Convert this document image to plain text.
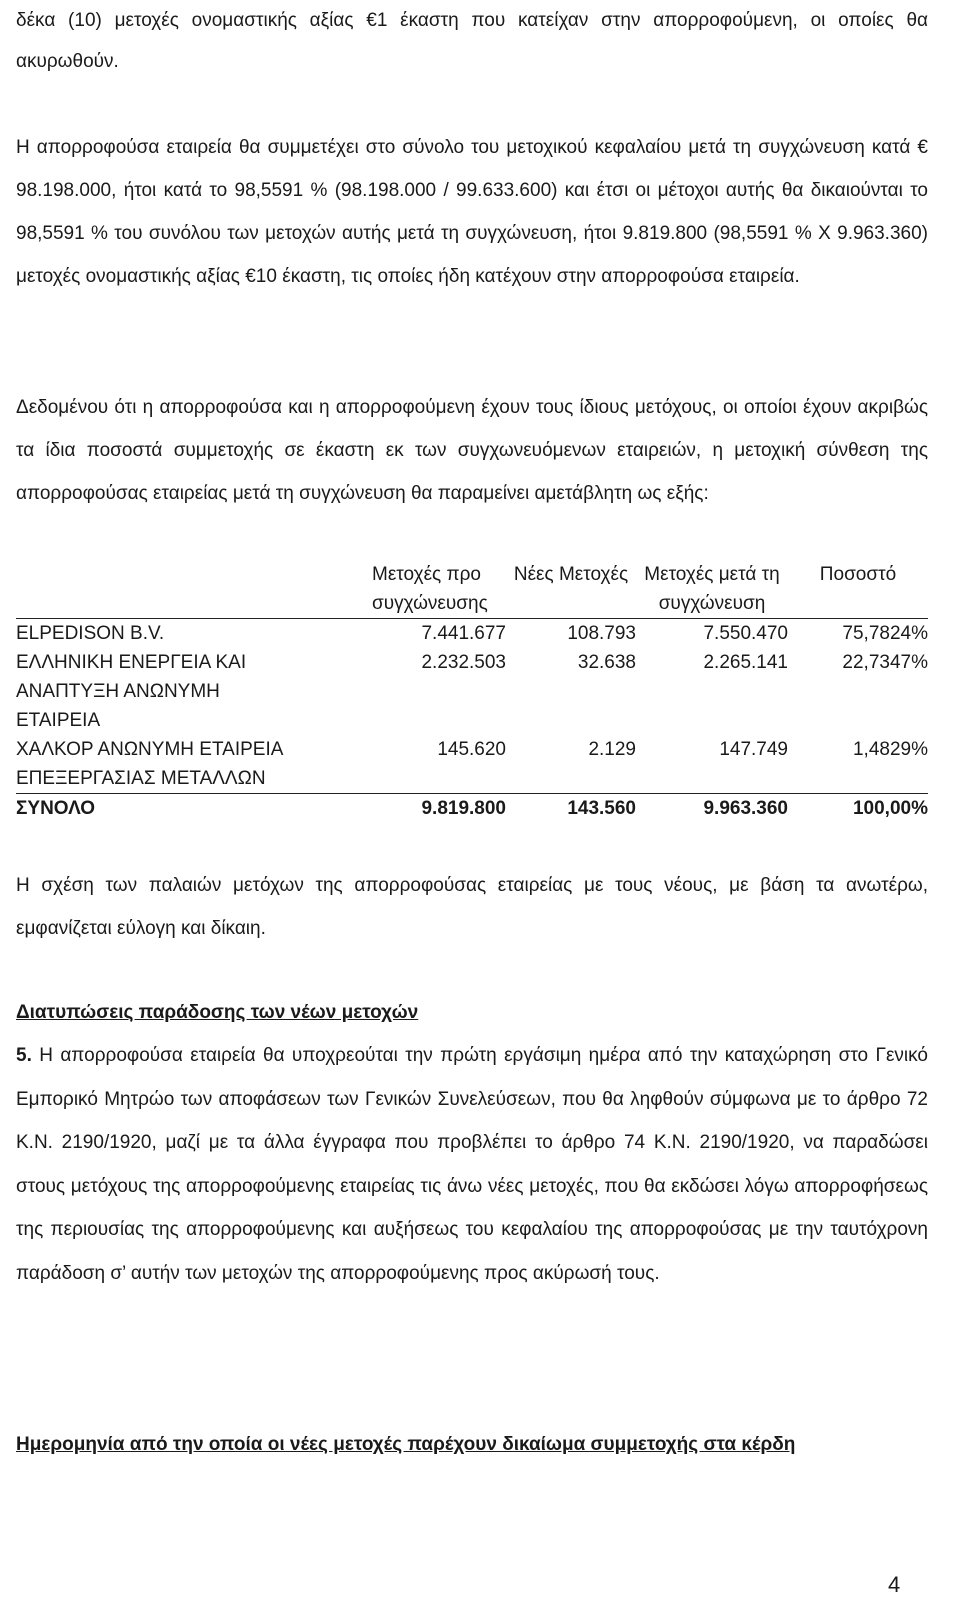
δέκα (10) μετοχές ονομαστικής αξίας €1 έκαστη που κατείχαν στην απορροφούμενη, οι οποίες θα ακυρωθούν.

Η απορροφούσα εταιρεία θα συμμετέχει στο σύνολο του μετοχικού κεφαλαίου μετά τη συγχώνευση κατά € 98.198.000, ήτοι κατά το 98,5591 % (98.198.000 / 99.633.600) και έτσι οι μέτοχοι αυτής θα δικαιούνται το 98,5591 % του συνόλου των μετοχών αυτής μετά τη συγχώνευση, ήτοι 9.819.800 (98,5591 % X 9.963.360) μετοχές ονομαστικής αξίας €10 έκαστη, τις οποίες ήδη κατέχουν στην απορροφούσα εταιρεία.

Δεδομένου ότι η απορροφούσα και η απορροφούμενη έχουν τους ίδιους μετόχους, οι οποίοι έχουν ακριβώς τα ίδια ποσοστά συμμετοχής σε έκαστη εκ των συγχωνευόμενων εταιρειών, η μετοχική σύνθεση της απορροφούσας εταιρείας μετά τη συγχώνευση θα παραμείνει αμετάβλητη ως εξής:

	Μετοχές προ συγχώνευσης	Νέες Μετοχές	Μετοχές μετά τη συγχώνευση	Ποσοστό
ELPEDISON B.V.	7.441.677	108.793	7.550.470	75,7824%
ΕΛΛΗΝΙΚΗ ΕΝΕΡΓΕΙΑ ΚΑΙ ΑΝΑΠΤΥΞΗ ΑΝΩΝΥΜΗ ΕΤΑΙΡΕΙΑ	2.232.503	32.638	2.265.141	22,7347%
ΧΑΛΚΟΡ ΑΝΩΝΥΜΗ ΕΤΑΙΡΕΙΑ ΕΠΕΞΕΡΓΑΣΙΑΣ ΜΕΤΑΛΛΩΝ	145.620	2.129	147.749	1,4829%
ΣΥΝΟΛΟ	9.819.800	143.560	9.963.360	100,00%

Η σχέση των παλαιών μετόχων της απορροφούσας εταιρείας με τους νέους, με βάση τα ανωτέρω, εμφανίζεται εύλογη και δίκαιη.

Διατυπώσεις παράδοσης των νέων μετοχών

5. Η απορροφούσα εταιρεία θα υποχρεούται την πρώτη εργάσιμη ημέρα από την καταχώρηση στο Γενικό Εμπορικό Μητρώο των αποφάσεων των Γενικών Συνελεύσεων, που θα ληφθούν σύμφωνα με το άρθρο 72 Κ.Ν. 2190/1920, μαζί με τα άλλα έγγραφα που προβλέπει το άρθρο 74 Κ.Ν. 2190/1920, να παραδώσει στους μετόχους της απορροφούμενης εταιρείας τις άνω νέες μετοχές, που θα εκδώσει λόγω απορροφήσεως της περιουσίας της απορροφούμενης και αυξήσεως του κεφαλαίου της απορροφούσας με την ταυτόχρονη παράδοση σ’ αυτήν των μετοχών της απορροφούμενης προς ακύρωσή τους.

Ημερομηνία από την οποία οι νέες μετοχές παρέχουν δικαίωμα συμμετοχής στα κέρδη
4
